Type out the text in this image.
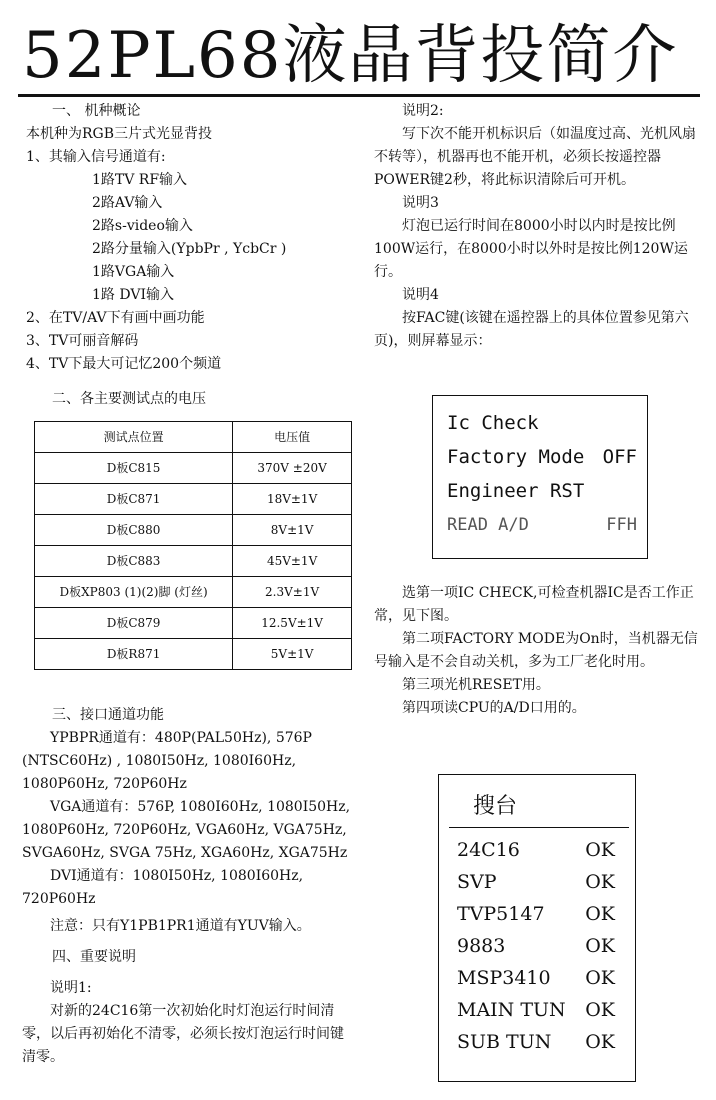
52PL68液晶背投简介

一、 机种概论

本机种为RGB三片式光显背投

1、其输入信号通道有:

1路TV RF输入

2路AV输入

2路s-video输入

2路分量输入(YpbPr , YcbCr )

1路VGA输入

1路 DVI输入

2、在TV/AV下有画中画功能

3、TV可丽音解码

4、TV下最大可记忆200个频道

二、各主要测试点的电压

测试点位置	电压值
D板C815	370V ±20V
D板C871	18V±1V
D板C880	8V±1V
D板C883	45V±1V
D板XP803 (1)(2)脚 (灯丝)	2.3V±1V
D板C879	12.5V±1V
D板R871	5V±1V

三、接口通道功能

YPBPR通道有：480P(PAL50Hz), 576P (NTSC60Hz) , 1080I50Hz, 1080I60Hz, 1080P60Hz, 720P60Hz

VGA通道有：576P, 1080I60Hz, 1080I50Hz, 1080P60Hz, 720P60Hz, VGA60Hz, VGA75Hz, SVGA60Hz, SVGA 75Hz, XGA60Hz, XGA75Hz

DVI通道有：1080I50Hz, 1080I60Hz, 720P60Hz

注意：只有Y1PB1PR1通道有YUV输入。

四、重要说明

说明1:

对新的24C16第一次初始化时灯泡运行时间清零，以后再初始化不清零，必须长按灯泡运行时间键清零。

说明2:

写下次不能开机标识后（如温度过高、光机风扇不转等），机器再也不能开机，必须长按遥控器POWER键2秒，将此标识清除后可开机。

说明3

灯泡已运行时间在8000小时以内时是按比例100W运行，在8000小时以外时是按比例120W运行。

说明4

按FAC键(该键在遥控器上的具体位置参见第六页)，则屏幕显示：

Ic Check
Factory Mode OFF
Engineer RST
READ A/D	FFH

选第一项IC CHECK,可检查机器IC是否工作正常，见下图。

第二项FACTORY MODE为On时，当机器无信号输入是不会自动关机，多为工厂老化时用。

第三项光机RESET用。

第四项读CPU的A/D口用的。

搜台
24C16	OK
SVP	OK
TVP5147 OK
9883	OK
MSP3410 OK
MAIN TUN OK
SUB TUN OK
